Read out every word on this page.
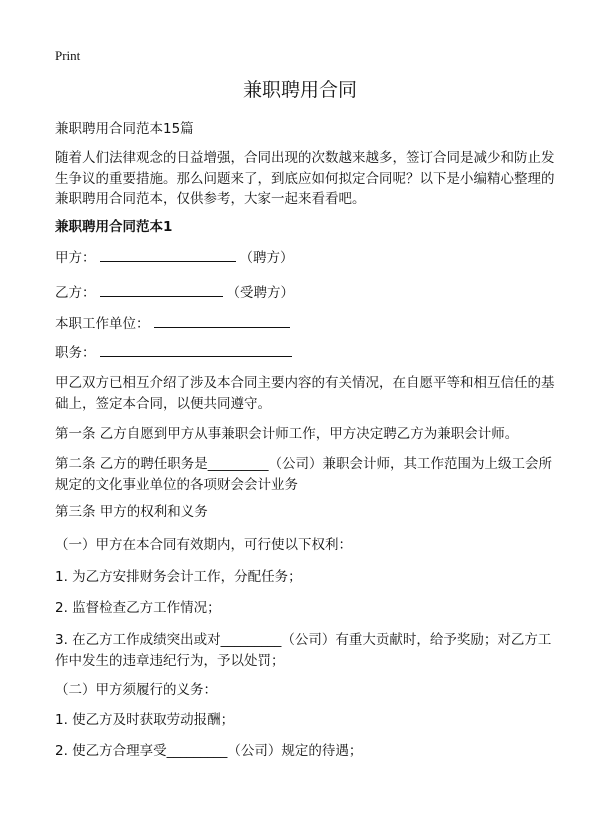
Print
兼职聘用合同
兼职聘用合同范本15篇
随着人们法律观念的日益增强，合同出现的次数越来越多，签订合同是减少和防止发生争议的重要措施。那么问题来了，到底应如何拟定合同呢？以下是小编精心整理的兼职聘用合同范本，仅供参考，大家一起来看看吧。
兼职聘用合同范本1
甲方：	（聘方）
乙方：	（受聘方）
本职工作单位：
职务：
甲乙双方已相互介绍了涉及本合同主要内容的有关情况，在自愿平等和相互信任的基础上，签定本合同，以便共同遵守。
第一条 乙方自愿到甲方从事兼职会计师工作，甲方决定聘乙方为兼职会计师。
第二条 乙方的聘任职务是_________（公司）兼职会计师，其工作范围为上级工会所规定的文化事业单位的各项财会会计业务
第三条 甲方的权利和义务
（一）甲方在本合同有效期内，可行使以下权利：
1. 为乙方安排财务会计工作，分配任务；
2. 监督检查乙方工作情况；
3. 在乙方工作成绩突出或对_________（公司）有重大贡献时，给予奖励；对乙方工作中发生的违章违纪行为，予以处罚；
（二）甲方须履行的义务：
1. 使乙方及时获取劳动报酬；
2. 使乙方合理享受_________（公司）规定的待遇；
